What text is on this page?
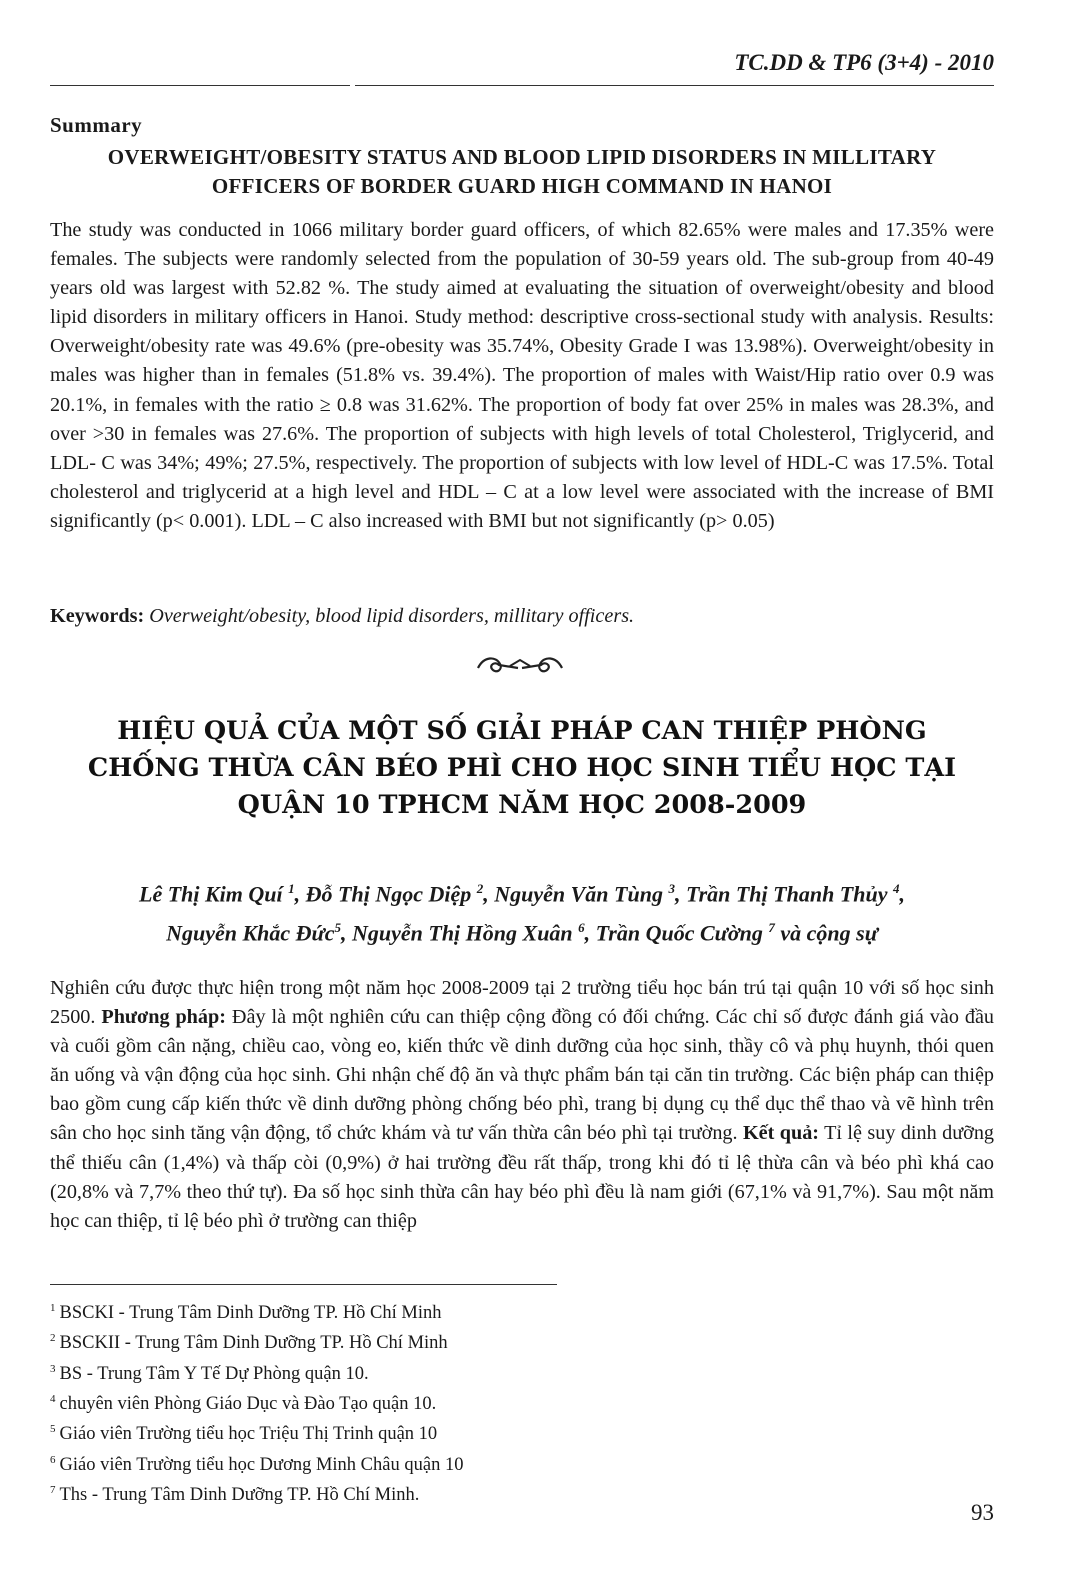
TC.DD & TP6 (3+4) - 2010
Summary
OVERWEIGHT/OBESITY STATUS AND BLOOD LIPID DISORDERS IN MILLITARY
OFFICERS OF BORDER GUARD HIGH COMMAND IN HANOI
The study was conducted in 1066 military border guard officers, of which 82.65% were males and 17.35% were females. The subjects were randomly selected from the population of 30-59 years old. The sub-group from 40-49 years old was largest with 52.82 %. The study aimed at evaluating the situation of overweight/obesity and blood lipid disorders in military officers in Hanoi. Study method: descriptive cross-sectional study with analysis. Results: Overweight/obesity rate was 49.6% (pre-obesity was 35.74%, Obesity Grade I was 13.98%). Overweight/obesity in males was higher than in females (51.8% vs. 39.4%). The proportion of males with Waist/Hip ratio over 0.9 was 20.1%, in females with the ratio ≥ 0.8 was 31.62%. The proportion of body fat over 25% in males was 28.3%, and over >30 in females was 27.6%. The proportion of subjects with high levels of total Cholesterol, Triglycerid, and LDL- C was 34%; 49%; 27.5%, respectively. The proportion of subjects with low level of HDL-C was 17.5%. Total cholesterol and triglycerid at a high level and HDL – C at a low level were associated with the increase of BMI significantly (p< 0.001). LDL – C also increased with BMI but not significantly (p> 0.05)
Keywords: Overweight/obesity, blood lipid disorders, millitary officers.
HIỆU QUẢ CỦA MỘT SỐ GIẢI PHÁP CAN THIỆP PHÒNG
CHỐNG THỪA CÂN BÉO PHÌ CHO HỌC SINH TIỂU HỌC TẠI
QUẬN 10 TPHCM NĂM HỌC 2008-2009
Lê Thị Kim Quí $^1$, Đỗ Thị Ngọc Diệp $^2$, Nguyễn Văn Tùng $^3$, Trần Thị Thanh Thủy $^4$,
Nguyễn Khắc Đức$^5$, Nguyễn Thị Hồng Xuân $^6$, Trần Quốc Cường $^7$ và cộng sự
Nghiên cứu được thực hiện trong một năm học 2008-2009 tại 2 trường tiểu học bán trú tại quận 10 với số học sinh 2500. Phương pháp: Đây là một nghiên cứu can thiệp cộng đồng có đối chứng. Các chỉ số được đánh giá vào đầu và cuối gồm cân nặng, chiều cao, vòng eo, kiến thức về dinh dưỡng của học sinh, thầy cô và phụ huynh, thói quen ăn uống và vận động của học sinh. Ghi nhận chế độ ăn và thực phẩm bán tại căn tin trường. Các biện pháp can thiệp bao gồm cung cấp kiến thức về dinh dưỡng phòng chống béo phì, trang bị dụng cụ thể dục thể thao và vẽ hình trên sân cho học sinh tăng vận động, tổ chức khám và tư vấn thừa cân béo phì tại trường. Kết quả: Tỉ lệ suy dinh dưỡng thể thiếu cân (1,4%) và thấp còi (0,9%) ở hai trường đều rất thấp, trong khi đó tỉ lệ thừa cân và béo phì khá cao (20,8% và 7,7% theo thứ tự). Đa số học sinh thừa cân hay béo phì đều là nam giới (67,1% và 91,7%). Sau một năm học can thiệp, tỉ lệ béo phì ở trường can thiệp
$^1$ BSCKI - Trung Tâm Dinh Dưỡng TP. Hồ Chí Minh
$^2$ BSCKII - Trung Tâm Dinh Dưỡng TP. Hồ Chí Minh
$^3$ BS - Trung Tâm Y Tế Dự Phòng quận 10.
$^4$ chuyên viên Phòng Giáo Dục và Đào Tạo quận 10.
$^5$ Giáo viên Trường tiểu học Triệu Thị Trinh quận 10
$^6$ Giáo viên Trường tiểu học Dương Minh Châu quận 10
$^7$ Ths - Trung Tâm Dinh Dưỡng TP. Hồ Chí Minh.
93
